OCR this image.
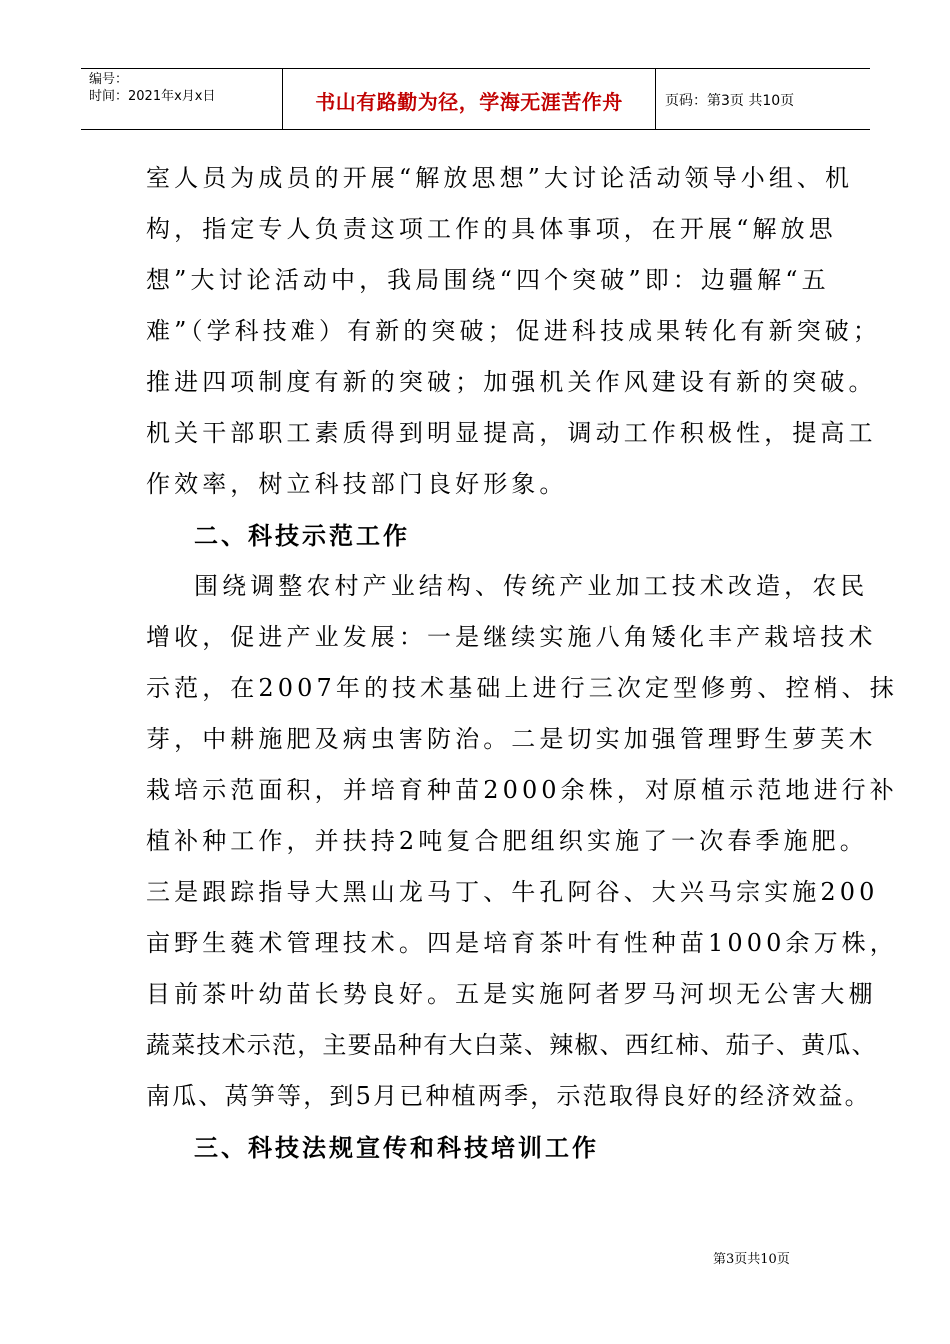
编号：
时间：2021年x月x日	书山有路勤为径，学海无涯苦作舟	页码：第3页 共10页
室人员为成员的开展“解放思想”大讨论活动领导小组、机
构，指定专人负责这项工作的具体事项，在开展“解放思
想”大讨论活动中，我局围绕“四个突破”即：边疆解“五
难”（学科技难）有新的突破；促进科技成果转化有新突破；
推进四项制度有新的突破；加强机关作风建设有新的突破。
机关干部职工素质得到明显提高，调动工作积极性，提高工
作效率，树立科技部门良好形象。
二、科技示范工作
围绕调整农村产业结构、传统产业加工技术改造，农民
增收，促进产业发展：一是继续实施八角矮化丰产栽培技术
示范，在2007年的技术基础上进行三次定型修剪、控梢、抹
芽，中耕施肥及病虫害防治。二是切实加强管理野生萝芙木
栽培示范面积，并培育种苗2000余株，对原植示范地进行补
植补种工作，并扶持2吨复合肥组织实施了一次春季施肥。
三是跟踪指导大黑山龙马丁、牛孔阿谷、大兴马宗实施200
亩野生蕤术管理技术。四是培育茶叶有性种苗1000余万株，
目前茶叶幼苗长势良好。五是实施阿者罗马河坝无公害大棚
蔬菜技术示范，主要品种有大白菜、辣椒、西红柿、茄子、黄瓜、
南瓜、莴笋等，到5月已种植两季，示范取得良好的经济效益。
三、科技法规宣传和科技培训工作
第3页共10页
